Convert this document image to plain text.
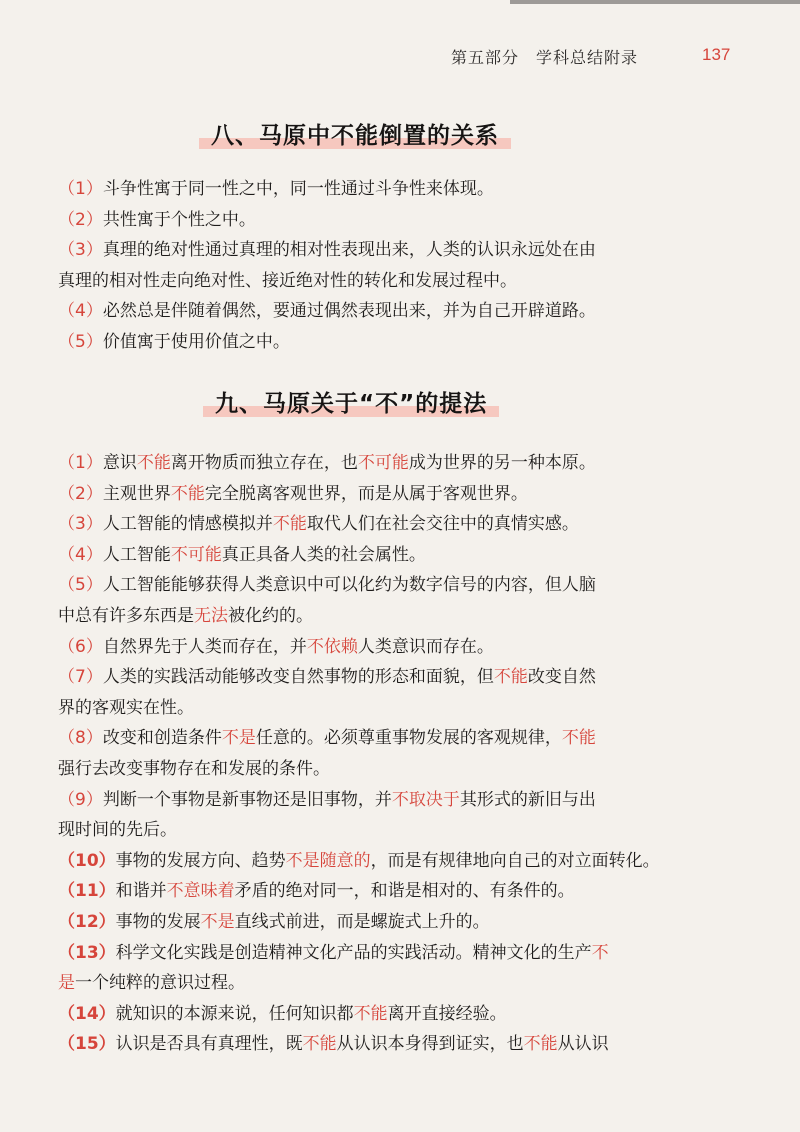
第五部分　学科总结附录	137
八、马原中不能倒置的关系
（1）斗争性寓于同一性之中，同一性通过斗争性来体现。
（2）共性寓于个性之中。
（3）真理的绝对性通过真理的相对性表现出来，人类的认识永远处在由
真理的相对性走向绝对性、接近绝对性的转化和发展过程中。
（4）必然总是伴随着偶然，要通过偶然表现出来，并为自己开辟道路。
（5）价值寓于使用价值之中。
九、马原关于“不”的提法
（1）意识不能离开物质而独立存在，也不可能成为世界的另一种本原。
（2）主观世界不能完全脱离客观世界，而是从属于客观世界。
（3）人工智能的情感模拟并不能取代人们在社会交往中的真情实感。
（4）人工智能不可能真正具备人类的社会属性。
（5）人工智能能够获得人类意识中可以化约为数字信号的内容，但人脑
中总有许多东西是无法被化约的。
（6）自然界先于人类而存在，并不依赖人类意识而存在。
（7）人类的实践活动能够改变自然事物的形态和面貌，但不能改变自然
界的客观实在性。
（8）改变和创造条件不是任意的。必须尊重事物发展的客观规律，不能
强行去改变事物存在和发展的条件。
（9）判断一个事物是新事物还是旧事物，并不取决于其形式的新旧与出
现时间的先后。
（10）事物的发展方向、趋势不是随意的，而是有规律地向自己的对立面转化。
（11）和谐并不意味着矛盾的绝对同一，和谐是相对的、有条件的。
（12）事物的发展不是直线式前进，而是螺旋式上升的。
（13）科学文化实践是创造精神文化产品的实践活动。精神文化的生产不
是一个纯粹的意识过程。
（14）就知识的本源来说，任何知识都不能离开直接经验。
（15）认识是否具有真理性，既不能从认识本身得到证实，也不能从认识
